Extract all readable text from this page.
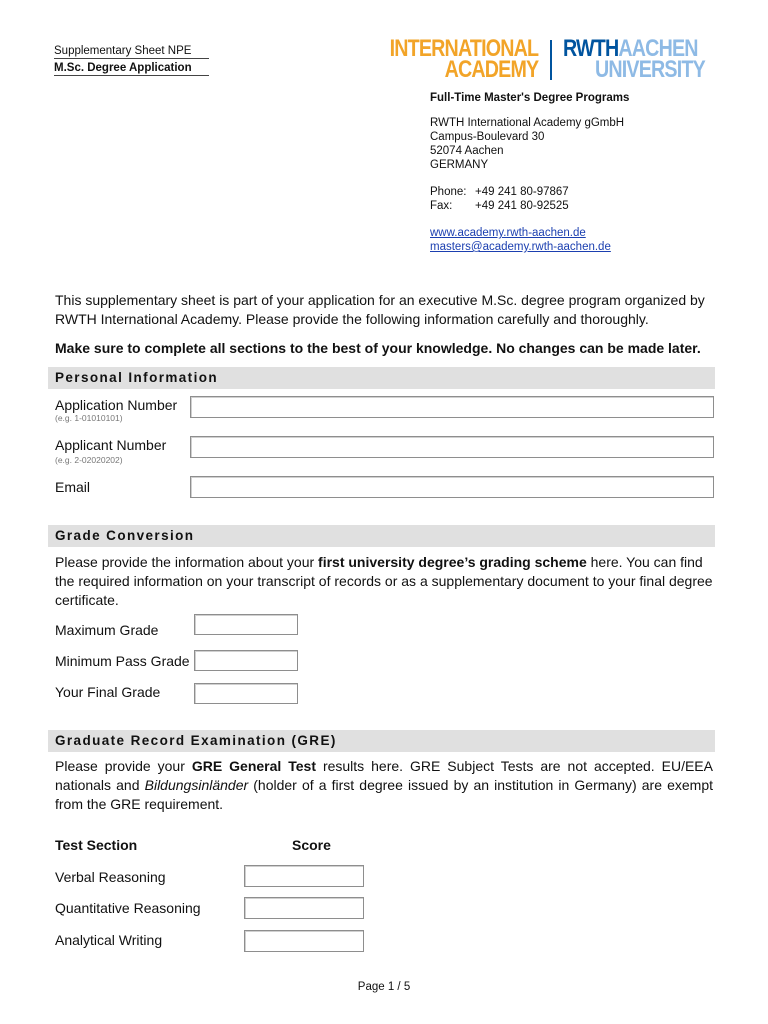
Supplementary Sheet NPE
M.Sc. Degree Application
INTERNATIONAL
ACADEMY
RWTHAACHEN
UNIVERSITY
Full-Time Master's Degree Programs
RWTH International Academy gGmbH
Campus-Boulevard 30
52074 Aachen
GERMANY
Phone: +49 241 80-97867
Fax: +49 241 80-92525
www.academy.rwth-aachen.de
masters@academy.rwth-aachen.de
This supplementary sheet is part of your application for an executive M.Sc. degree program organized by RWTH International Academy. Please provide the following information carefully and thoroughly.
Make sure to complete all sections to the best of your knowledge. No changes can be made later.
Personal Information
Application Number
(e.g. 1-01010101)
Applicant Number
(e.g. 2-02020202)
Email
Grade Conversion
Please provide the information about your first university degree’s grading scheme here. You can find the required information on your transcript of records or as a supplementary document to your final degree certificate.
Maximum Grade
Minimum Pass Grade
Your Final Grade
Graduate Record Examination (GRE)
Please provide your GRE General Test results here. GRE Subject Tests are not accepted. EU/EEA nationals and Bildungsinländer (holder of a first degree issued by an institution in Germany) are exempt from the GRE requirement.
Test Section	Score
Verbal Reasoning
Quantitative Reasoning
Analytical Writing
Page 1 / 5
